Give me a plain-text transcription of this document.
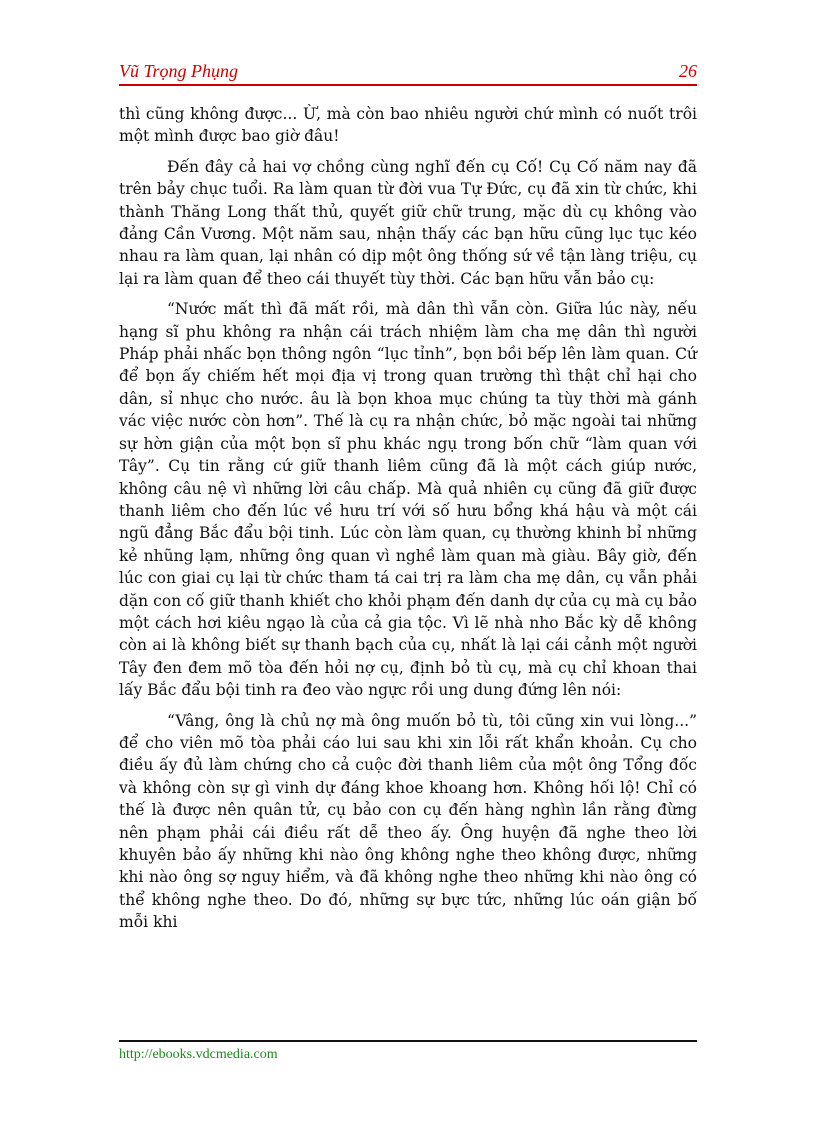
Vũ Trọng Phụng	26

thì cũng không được... Ừ, mà còn bao nhiêu người chứ mình có nuốt trôi một mình được bao giờ đâu!

Đến đây cả hai vợ chồng cùng nghĩ đến cụ Cố! Cụ Cố năm nay đã trên bảy chục tuổi. Ra làm quan từ đời vua Tự Đức, cụ đã xin từ chức, khi thành Thăng Long thất thủ, quyết giữ chữ trung, mặc dù cụ không vào đảng Cần Vương. Một năm sau, nhận thấy các bạn hữu cũng lục tục kéo nhau ra làm quan, lại nhân có dịp một ông thống sứ về tận làng triệu, cụ lại ra làm quan để theo cái thuyết tùy thời. Các bạn hữu vẫn bảo cụ:

“Nước mất thì đã mất rồi, mà dân thì vẫn còn. Giữa lúc này, nếu hạng sĩ phu không ra nhận cái trách nhiệm làm cha mẹ dân thì người Pháp phải nhấc bọn thông ngôn “lục tỉnh”, bọn bồi bếp lên làm quan. Cứ để bọn ấy chiếm hết mọi địa vị trong quan trường thì thật chỉ hại cho dân, sỉ nhục cho nước. âu là bọn khoa mục chúng ta tùy thời mà gánh vác việc nước còn hơn”. Thế là cụ ra nhận chức, bỏ mặc ngoài tai những sự hờn giận của một bọn sĩ phu khác ngụ trong bốn chữ “làm quan với Tây”. Cụ tin rằng cứ giữ thanh liêm cũng đã là một cách giúp nước, không câu nệ vì những lời câu chấp. Mà quả nhiên cụ cũng đã giữ được thanh liêm cho đến lúc về hưu trí với số hưu bổng khá hậu và một cái ngũ đẳng Bắc đẩu bội tinh. Lúc còn làm quan, cụ thường khinh bỉ những kẻ nhũng lạm, những ông quan vì nghề làm quan mà giàu. Bây giờ, đến lúc con giai cụ lại từ chức tham tá cai trị ra làm cha mẹ dân, cụ vẫn phải dặn con cố giữ thanh khiết cho khỏi phạm đến danh dự của cụ mà cụ bảo một cách hơi kiêu ngạo là của cả gia tộc. Vì lẽ nhà nho Bắc kỳ dễ không còn ai là không biết sự thanh bạch của cụ, nhất là lại cái cảnh một người Tây đen đem mõ tòa đến hỏi nợ cụ, định bỏ tù cụ, mà cụ chỉ khoan thai lấy Bắc đẩu bội tinh ra đeo vào ngực rồi ung dung đứng lên nói:

“Vâng, ông là chủ nợ mà ông muốn bỏ tù, tôi cũng xin vui lòng...” để cho viên mõ tòa phải cáo lui sau khi xin lỗi rất khẩn khoản. Cụ cho điều ấy đủ làm chứng cho cả cuộc đời thanh liêm của một ông Tổng đốc và không còn sự gì vinh dự đáng khoe khoang hơn. Không hối lộ! Chỉ có thế là được nên quân tử, cụ bảo con cụ đến hàng nghìn lần rằng đừng nên phạm phải cái điều rất dễ theo ấy. Ông huyện đã nghe theo lời khuyên bảo ấy những khi nào ông không nghe theo không được, những khi nào ông sợ nguy hiểm, và đã không nghe theo những khi nào ông có thể không nghe theo. Do đó, những sự bực tức, những lúc oán giận bố mỗi khi

http://ebooks.vdcmedia.com
